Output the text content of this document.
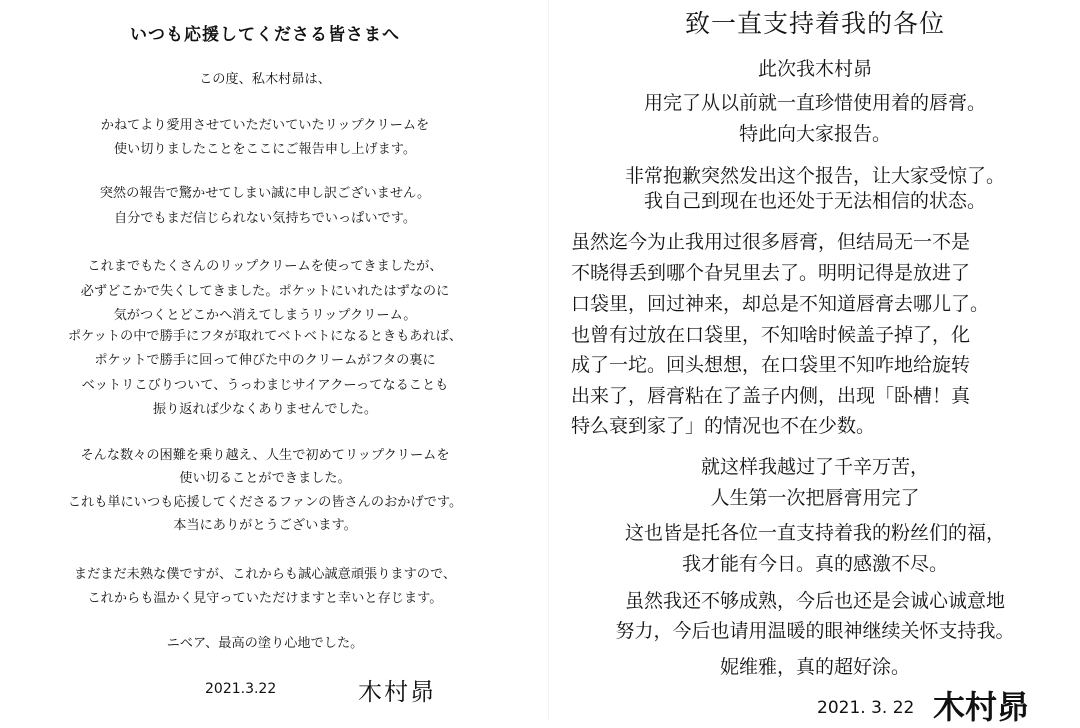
いつも応援してくださる皆さまへ
この度、私木村昴は、
かねてより愛用させていただいていたリップクリームを
使い切りましたことをここにご報告申し上げます。
突然の報告で驚かせてしまい誠に申し訳ございません。
自分でもまだ信じられない気持ちでいっぱいです。
これまでもたくさんのリップクリームを使ってきましたが、
必ずどこかで失くしてきました。ポケットにいれたはずなのに
気がつくとどこかへ消えてしまうリップクリーム。
ポケットの中で勝手にフタが取れてベトベトになるときもあれば、
ポケットで勝手に回って伸びた中のクリームがフタの裏に
ベットリこびりついて、うっわまじサイアクーってなることも
振り返れば少なくありませんでした。
そんな数々の困難を乗り越え、人生で初めてリップクリームを
使い切ることができました。
これも単にいつも応援してくださるファンの皆さんのおかげです。
本当にありがとうございます。
まだまだ未熟な僕ですが、これからも誠心誠意頑張りますので、
これからも温かく見守っていただけますと幸いと存じます。
ニベア、最高の塗り心地でした。
2021.3.22	木村昴
致一直支持着我的各位
此次我木村昴
用完了从以前就一直珍惜使用着的唇膏。
特此向大家报告。
非常抱歉突然发出这个报告，让大家受惊了。
我自己到现在也还处于无法相信的状态。
虽然迄今为止我用过很多唇膏，但结局无一不是
不晓得丢到哪个旮旯里去了。明明记得是放进了
口袋里，回过神来，却总是不知道唇膏去哪儿了。
也曾有过放在口袋里，不知啥时候盖子掉了，化
成了一坨。回头想想，在口袋里不知咋地给旋转
出来了，唇膏粘在了盖子内侧，出现「卧槽！真
特么衰到家了」的情况也不在少数。
就这样我越过了千辛万苦，
人生第一次把唇膏用完了
这也皆是托各位一直支持着我的粉丝们的福，
我才能有今日。真的感激不尽。
虽然我还不够成熟，今后也还是会诚心诚意地
努力，今后也请用温暖的眼神继续关怀支持我。
妮维雅，真的超好涂。
2021. 3. 22 木村昴
